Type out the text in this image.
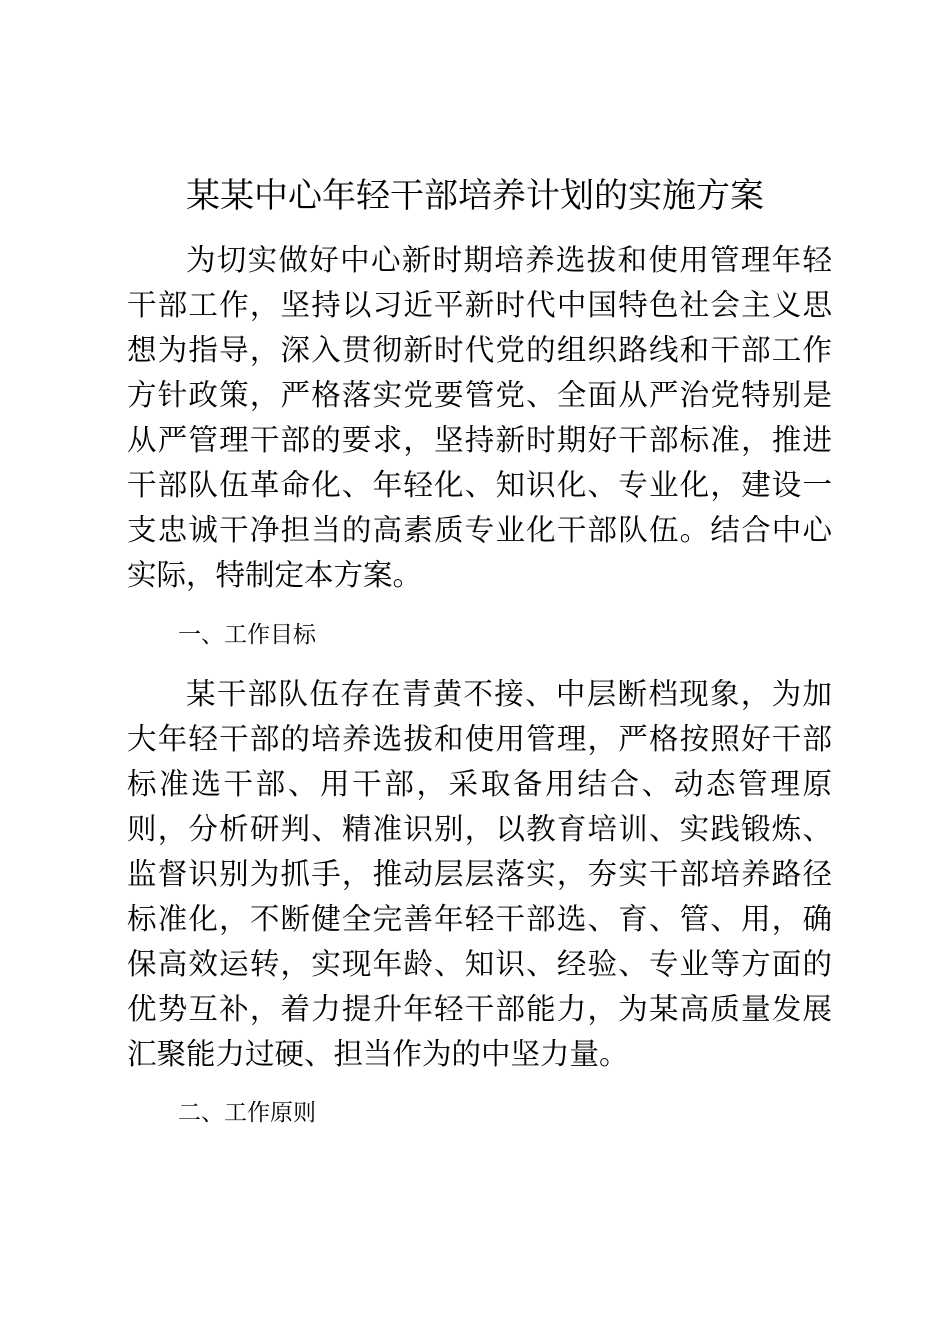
某某中心年轻干部培养计划的实施方案

为切实做好中心新时期培养选拔和使用管理年轻干部工作，坚持以习近平新时代中国特色社会主义思想为指导，深入贯彻新时代党的组织路线和干部工作方针政策，严格落实党要管党、全面从严治党特别是从严管理干部的要求，坚持新时期好干部标准，推进干部队伍革命化、年轻化、知识化、专业化，建设一支忠诚干净担当的高素质专业化干部队伍。结合中心实际，特制定本方案。

一、工作目标

某干部队伍存在青黄不接、中层断档现象，为加大年轻干部的培养选拔和使用管理，严格按照好干部标准选干部、用干部，采取备用结合、动态管理原则，分析研判、精准识别，以教育培训、实践锻炼、监督识别为抓手，推动层层落实，夯实干部培养路径标准化，不断健全完善年轻干部选、育、管、用，确保高效运转，实现年龄、知识、经验、专业等方面的优势互补，着力提升年轻干部能力，为某高质量发展汇聚能力过硬、担当作为的中坚力量。

二、工作原则
